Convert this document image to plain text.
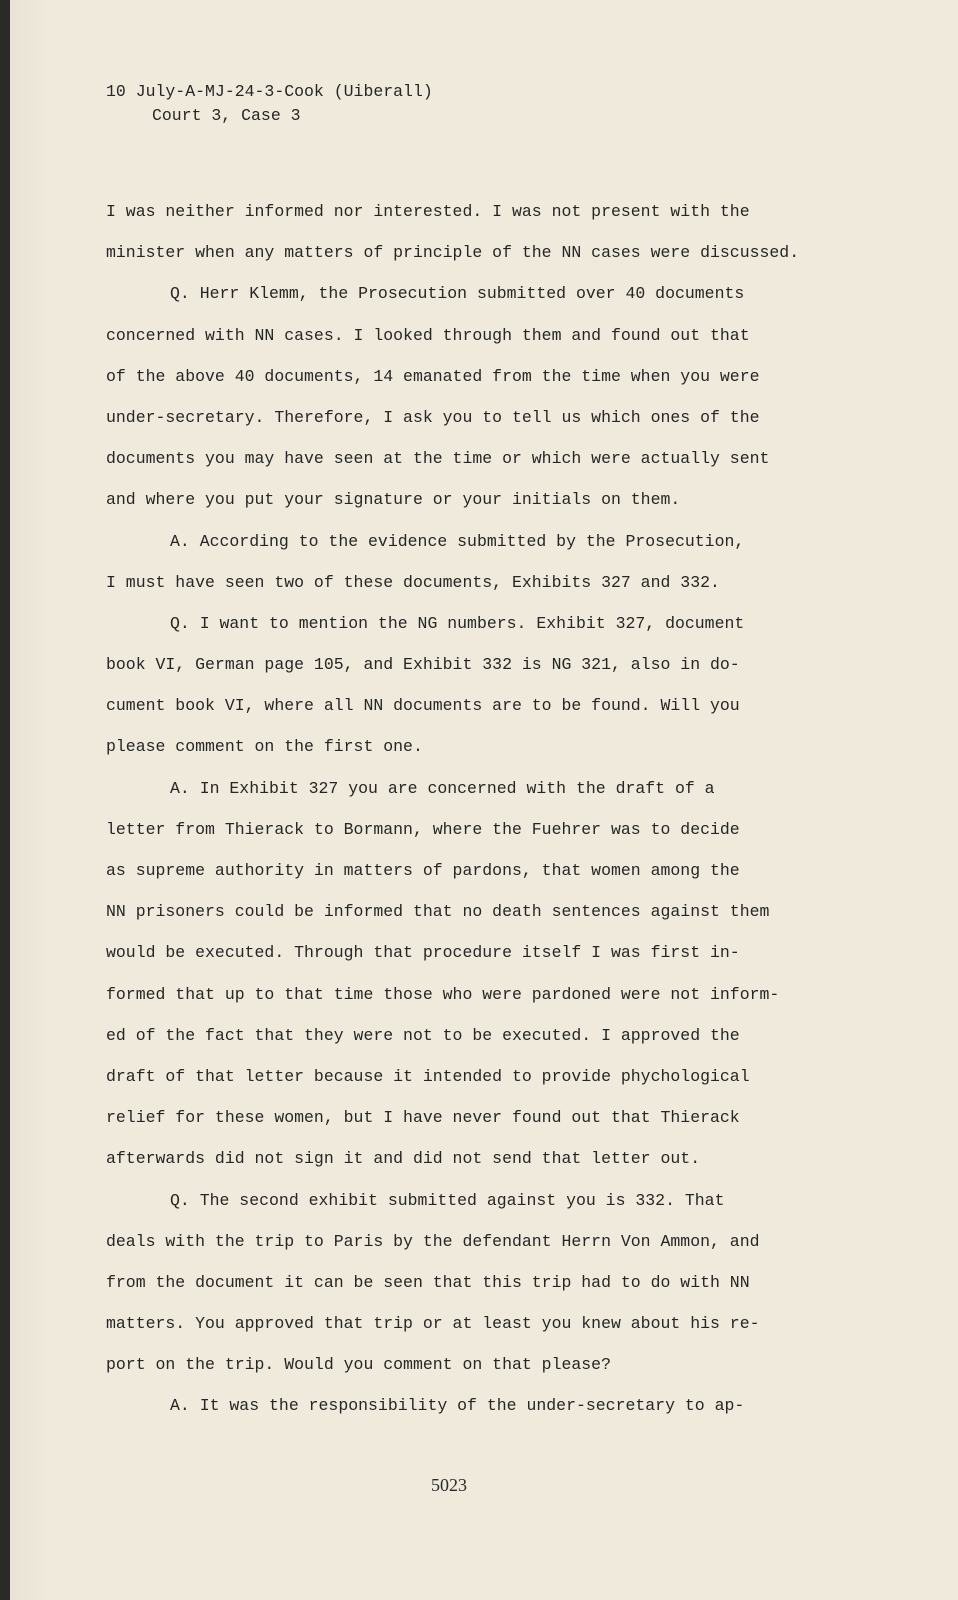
10 July-A-MJ-24-3-Cook (Uiberall)

Court 3, Case 3

I was neither informed nor interested. I was not present with the
minister when any matters of principle of the NN cases were discussed.
Q. Herr Klemm, the Prosecution submitted over 40 documents
concerned with NN cases. I looked through them and found out that
of the above 40 documents, 14 emanated from the time when you were
under-secretary. Therefore, I ask you to tell us which ones of the
documents you may have seen at the time or which were actually sent
and where you put your signature or your initials on them.
A. According to the evidence submitted by the Prosecution,
I must have seen two of these documents, Exhibits 327 and 332.
Q. I want to mention the NG numbers. Exhibit 327, document
book VI, German page 105, and Exhibit 332 is NG 321, also in do-
cument book VI, where all NN documents are to be found. Will you
please comment on the first one.
A. In Exhibit 327 you are concerned with the draft of a
letter from Thierack to Bormann, where the Fuehrer was to decide
as supreme authority in matters of pardons, that women among the
NN prisoners could be informed that no death sentences against them
would be executed. Through that procedure itself I was first in-
formed that up to that time those who were pardoned were not inform-
ed of the fact that they were not to be executed. I approved the
draft of that letter because it intended to provide phychological
relief for these women, but I have never found out that Thierack
afterwards did not sign it and did not send that letter out.
Q. The second exhibit submitted against you is 332. That
deals with the trip to Paris by the defendant Herrn Von Ammon, and
from the document it can be seen that this trip had to do with NN
matters. You approved that trip or at least you knew about his re-
port on the trip. Would you comment on that please?
A. It was the responsibility of the under-secretary to ap-

5023
